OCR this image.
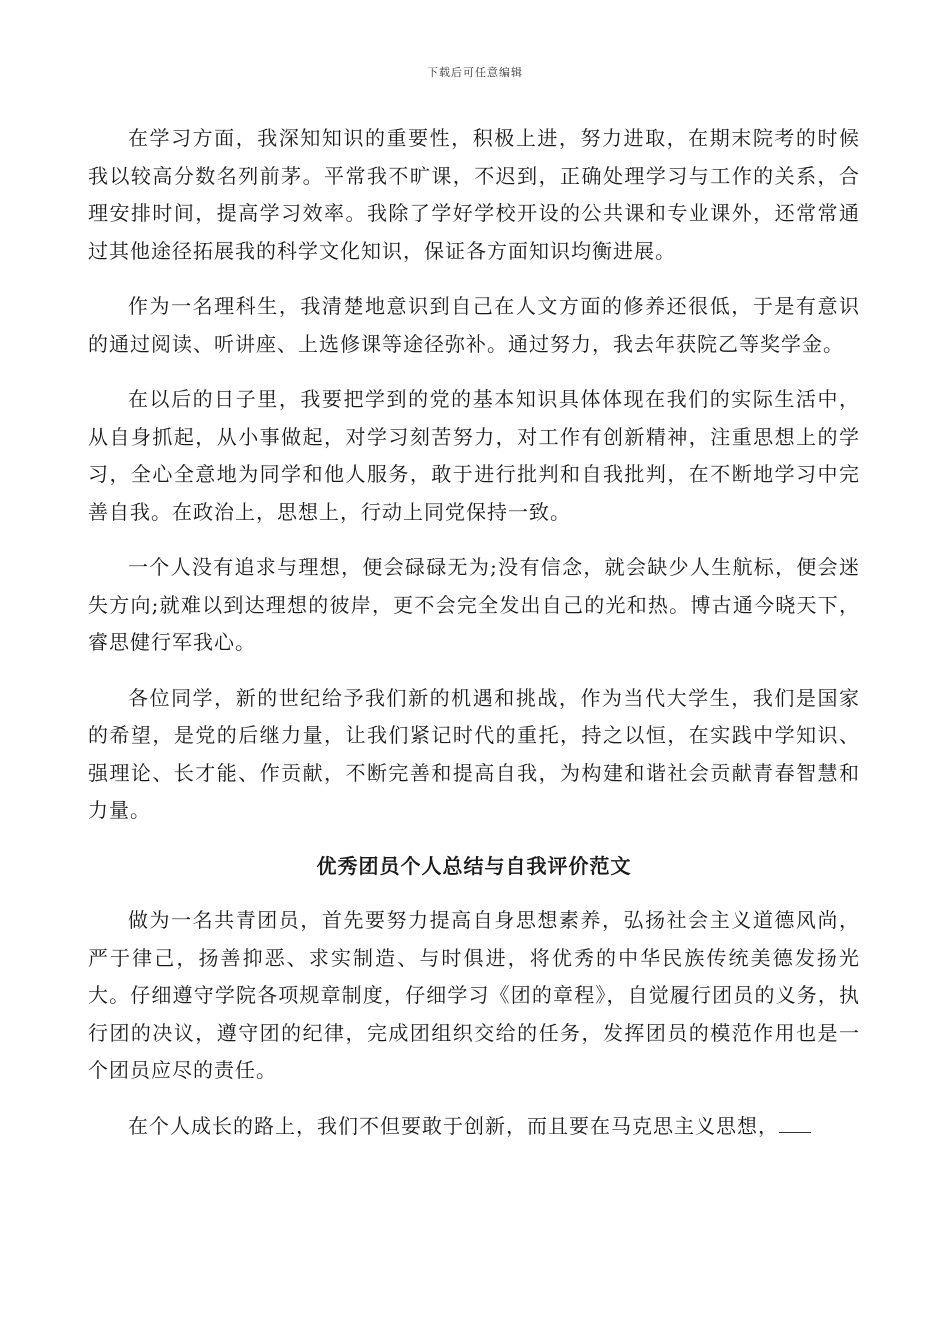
下载后可任意编辑

在学习方面，我深知知识的重要性，积极上进，努力进取，在期末院考的时候我以较高分数名列前茅。平常我不旷课，不迟到，正确处理学习与工作的关系，合理安排时间，提高学习效率。我除了学好学校开设的公共课和专业课外，还常常通过其他途径拓展我的科学文化知识，保证各方面知识均衡进展。

作为一名理科生，我清楚地意识到自己在人文方面的修养还很低，于是有意识的通过阅读、听讲座、上选修课等途径弥补。通过努力，我去年获院乙等奖学金。

在以后的日子里，我要把学到的党的基本知识具体体现在我们的实际生活中，从自身抓起，从小事做起，对学习刻苦努力，对工作有创新精神，注重思想上的学习，全心全意地为同学和他人服务，敢于进行批判和自我批判，在不断地学习中完善自我。在政治上，思想上，行动上同党保持一致。

一个人没有追求与理想，便会碌碌无为;没有信念，就会缺少人生航标，便会迷失方向;就难以到达理想的彼岸，更不会完全发出自己的光和热。博古通今晓天下，睿思健行军我心。

各位同学，新的世纪给予我们新的机遇和挑战，作为当代大学生，我们是国家的希望，是党的后继力量，让我们紧记时代的重托，持之以恒，在实践中学知识、强理论、长才能、作贡献，不断完善和提高自我，为构建和谐社会贡献青春智慧和力量。

优秀团员个人总结与自我评价范文

做为一名共青团员，首先要努力提高自身思想素养，弘扬社会主义道德风尚，严于律己，扬善抑恶、求实制造、与时俱进，将优秀的中华民族传统美德发扬光大。仔细遵守学院各项规章制度，仔细学习《团的章程》，自觉履行团员的义务，执行团的决议，遵守团的纪律，完成团组织交给的任务，发挥团员的模范作用也是一个团员应尽的责任。

在个人成长的路上，我们不但要敢于创新，而且要在马克思主义思想，
